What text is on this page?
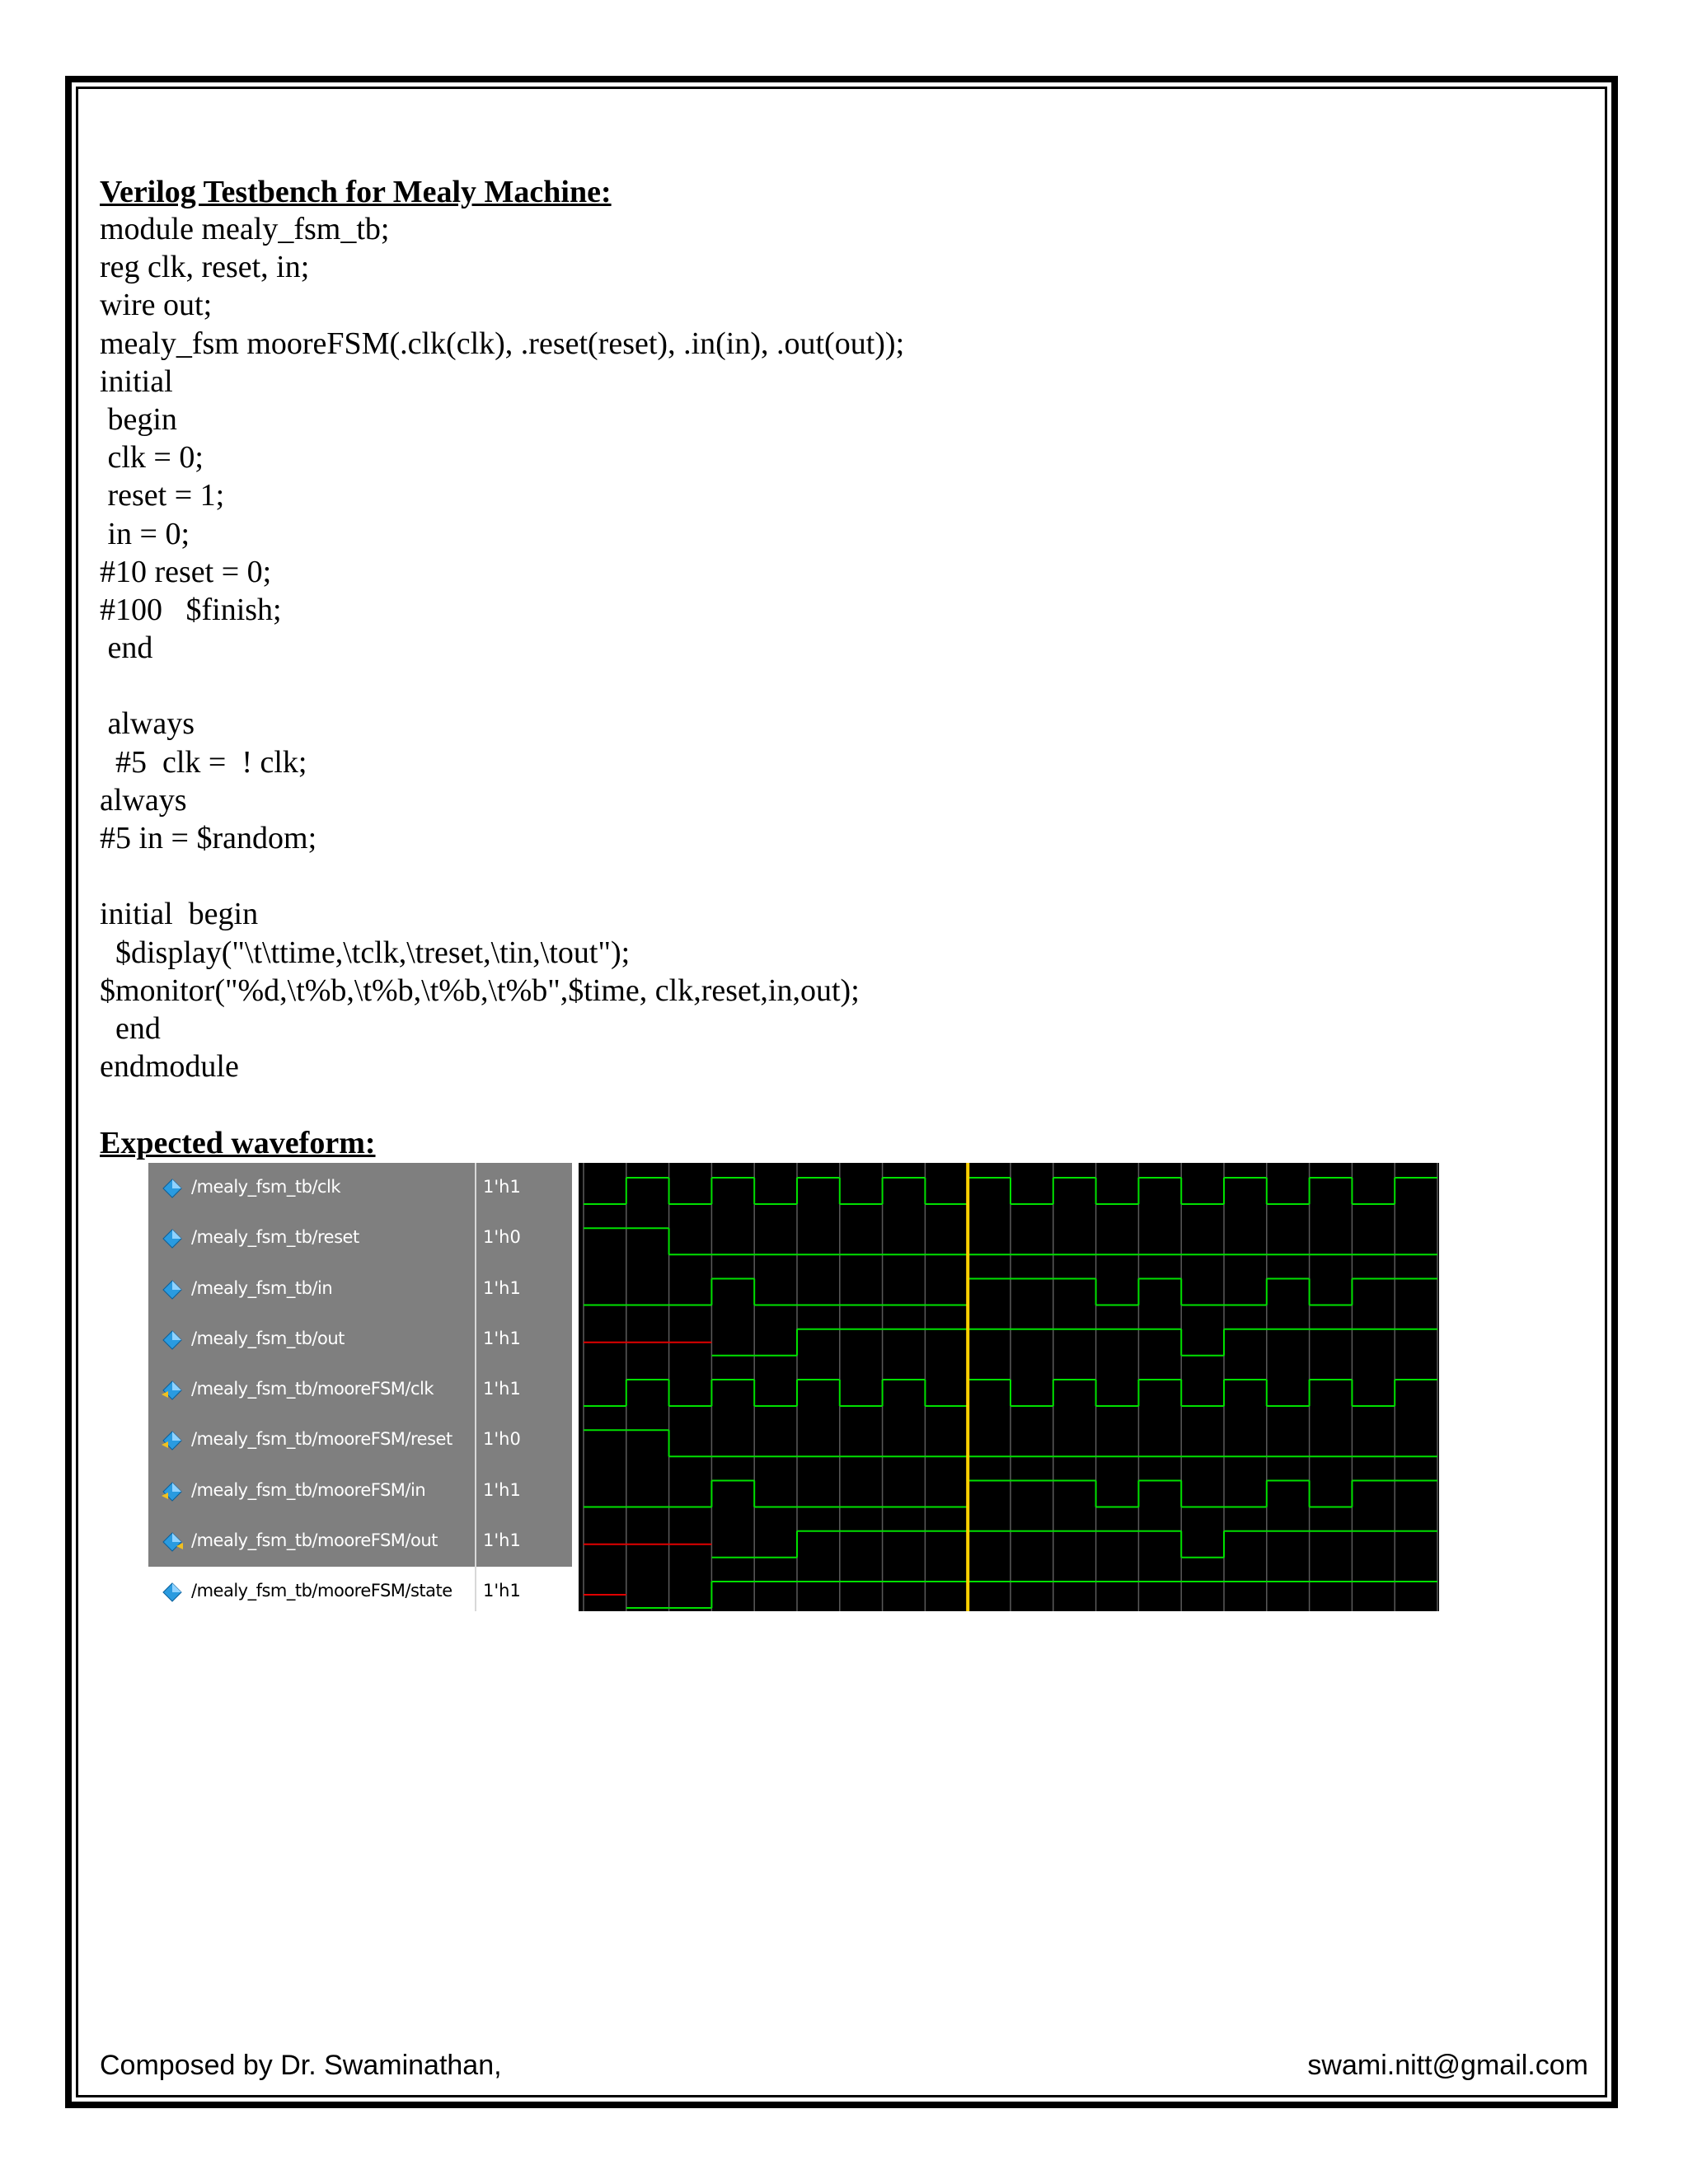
Verilog Testbench for Mealy Machine:
module mealy_fsm_tb;
reg clk, reset, in;
wire out;
mealy_fsm mooreFSM(.clk(clk), .reset(reset), .in(in), .out(out));
initial
begin
clk = 0;
reset = 1;
in = 0;
#10 reset = 0;
#100   $finish;
end
always
#5  clk =  ! clk;
always
#5 in = $random;
initial  begin
$display("\t\ttime,\tclk,\treset,\tin,\tout");
$monitor("%d,\t%b,\t%b,\t%b,\t%b",$time, clk,reset,in,out);
end
endmodule
Expected waveform:
/mealy_fsm_tb/clk	1'h1
/mealy_fsm_tb/reset	1'h0
/mealy_fsm_tb/in	1'h1
/mealy_fsm_tb/out	1'h1
/mealy_fsm_tb/mooreFSM/clk	1'h1
/mealy_fsm_tb/mooreFSM/reset 1'h0
/mealy_fsm_tb/mooreFSM/in	1'h1
/mealy_fsm_tb/mooreFSM/out	1'h1
/mealy_fsm_tb/mooreFSM/state 1'h1
Composed by Dr. Swaminathan,	swami.nitt@gmail.com
